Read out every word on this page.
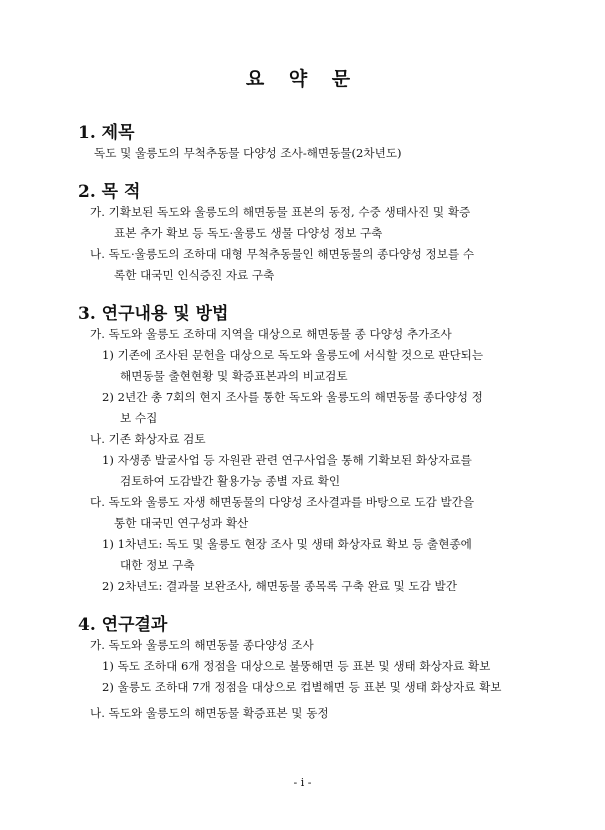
요 약 문
1. 제목
독도 및 울릉도의 무척추동물 다양성 조사-해면동물(2차년도)
2. 목 적
가. 기확보된 독도와 울릉도의 해면동물 표본의 동정, 수중 생태사진 및 확증
표본 추가 확보 등 독도·울릉도 생물 다양성 정보 구축
나. 독도·울릉도의 조하대 대형 무척추동물인 해면동물의 종다양성 정보를 수
록한 대국민 인식증진 자료 구축
3. 연구내용 및 방법
가. 독도와 울릉도 조하대 지역을 대상으로 해면동물 종 다양성 추가조사
1) 기존에 조사된 문헌을 대상으로 독도와 울릉도에 서식할 것으로 판단되는
해면동물 출현현황 및 확증표본과의 비교검토
2) 2년간 총 7회의 현지 조사를 통한 독도와 울릉도의 해면동물 종다양성 정
보 수집
나. 기존 화상자료 검토
1) 자생종 발굴사업 등 자원관 관련 연구사업을 통해 기확보된 화상자료를
검토하여 도감발간 활용가능 종별 자료 확인
다. 독도와 울릉도 자생 해면동물의 다양성 조사결과를 바탕으로 도감 발간을
통한 대국민 연구성과 확산
1) 1차년도: 독도 및 울릉도 현장 조사 및 생태 화상자료 확보 등 출현종에
대한 정보 구축
2) 2차년도: 결과물 보완조사, 해면동물 종목록 구축 완료 및 도감 발간
4. 연구결과
가. 독도와 울릉도의 해면동물 종다양성 조사
1) 독도 조하대 6개 정점을 대상으로 불뚱해면 등 표본 및 생태 화상자료 확보
2) 울릉도 조하대 7개 정점을 대상으로 컵별해면 등 표본 및 생태 화상자료 확보
나. 독도와 울릉도의 해면동물 확증표본 및 동정
- i -
